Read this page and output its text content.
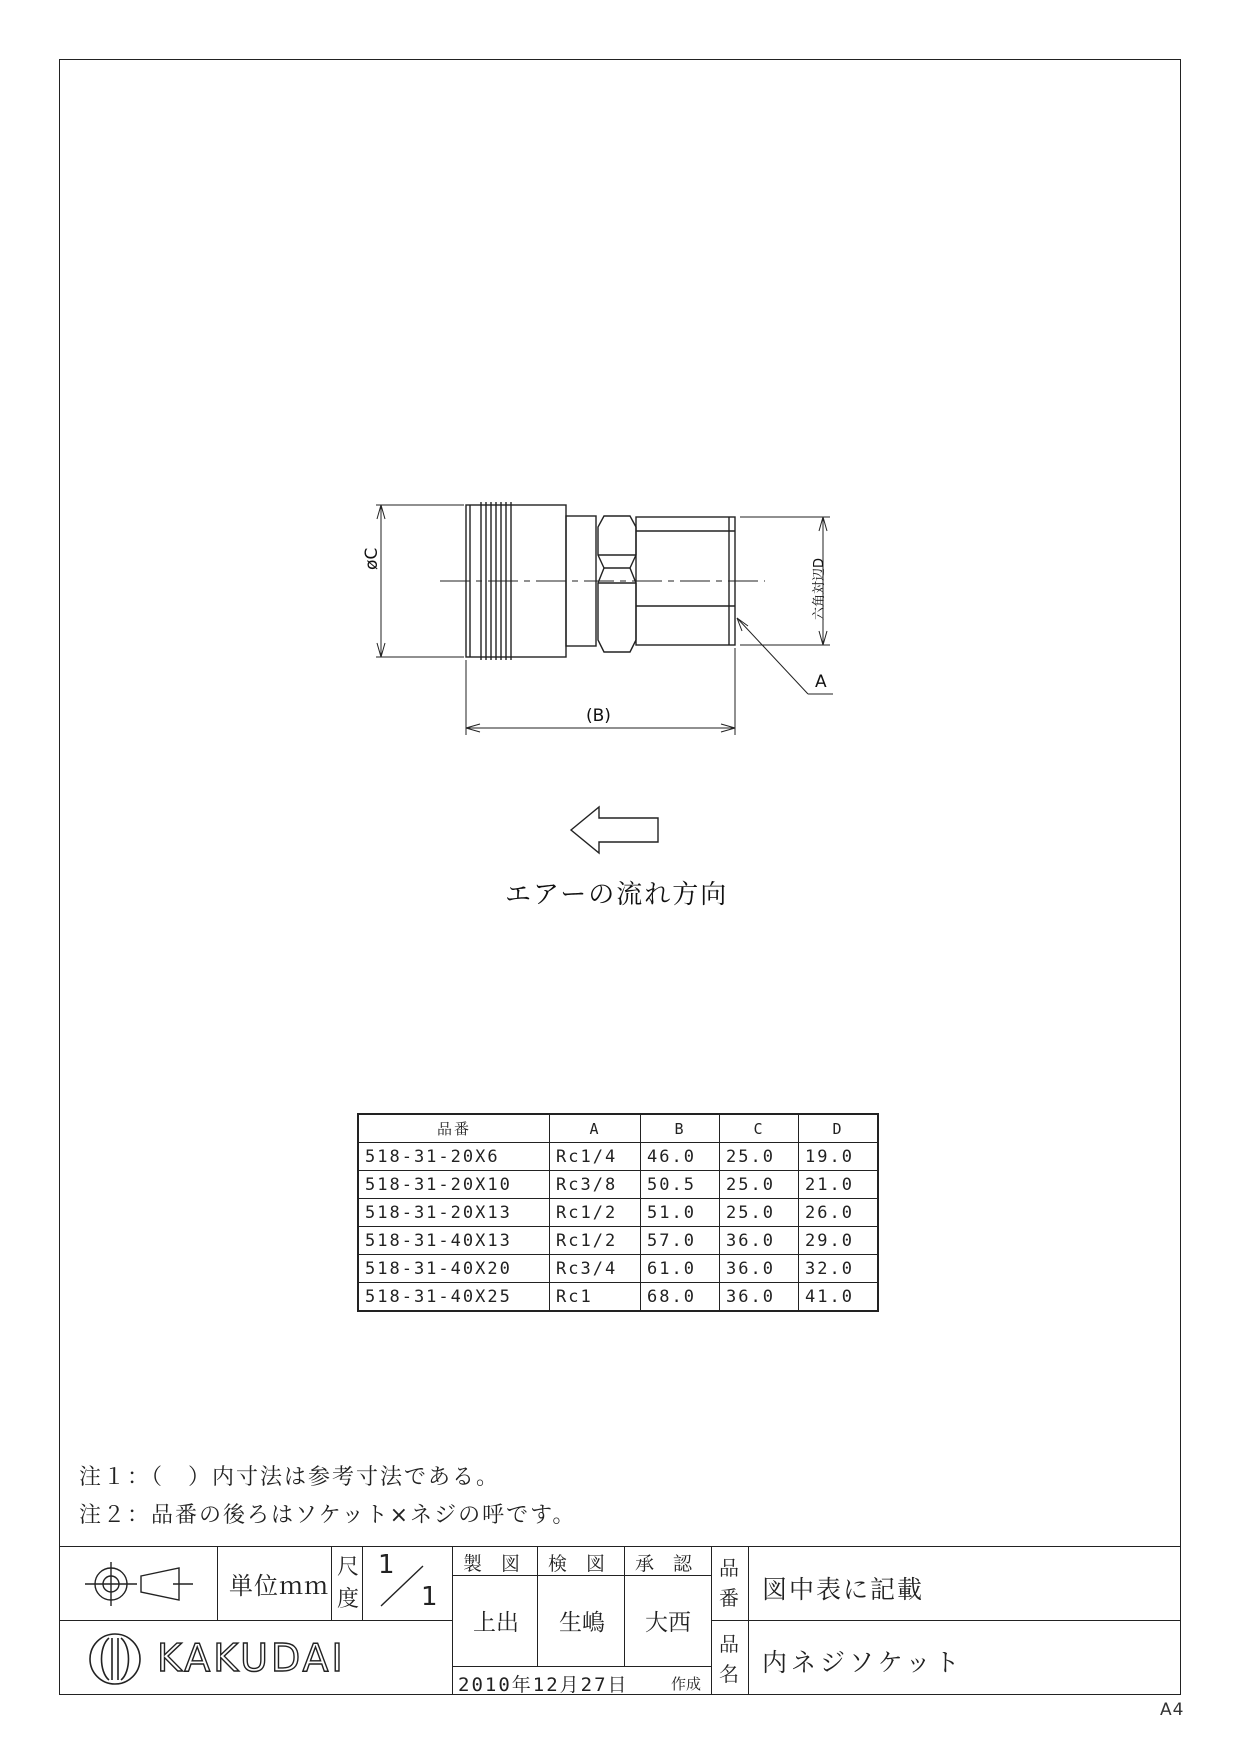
øC
(B)
六角対辺D
A
エアーの流れ方向
品番	A	B	C	D
518-31-20X6	Rc1/4	46.0	25.0	19.0
518-31-20X10	Rc3/8	50.5	25.0	21.0
518-31-20X13	Rc1/2	51.0	25.0	26.0
518-31-40X13	Rc1/2	57.0	36.0	29.0
518-31-40X20	Rc3/4	61.0	36.0	32.0
518-31-40X25	Rc1	68.0	36.0	41.0
注１：（　）内寸法は参考寸法である。
注２：品番の後ろはソケット×ネジの呼です。
単位ｍｍ
尺
度
1
1
KAKUDAI
製　図 検　図 承　認
上出 生嶋 大西
2010年12月27日	作成
品
番 図中表に記載
品
名 内ネジソケット
A4
